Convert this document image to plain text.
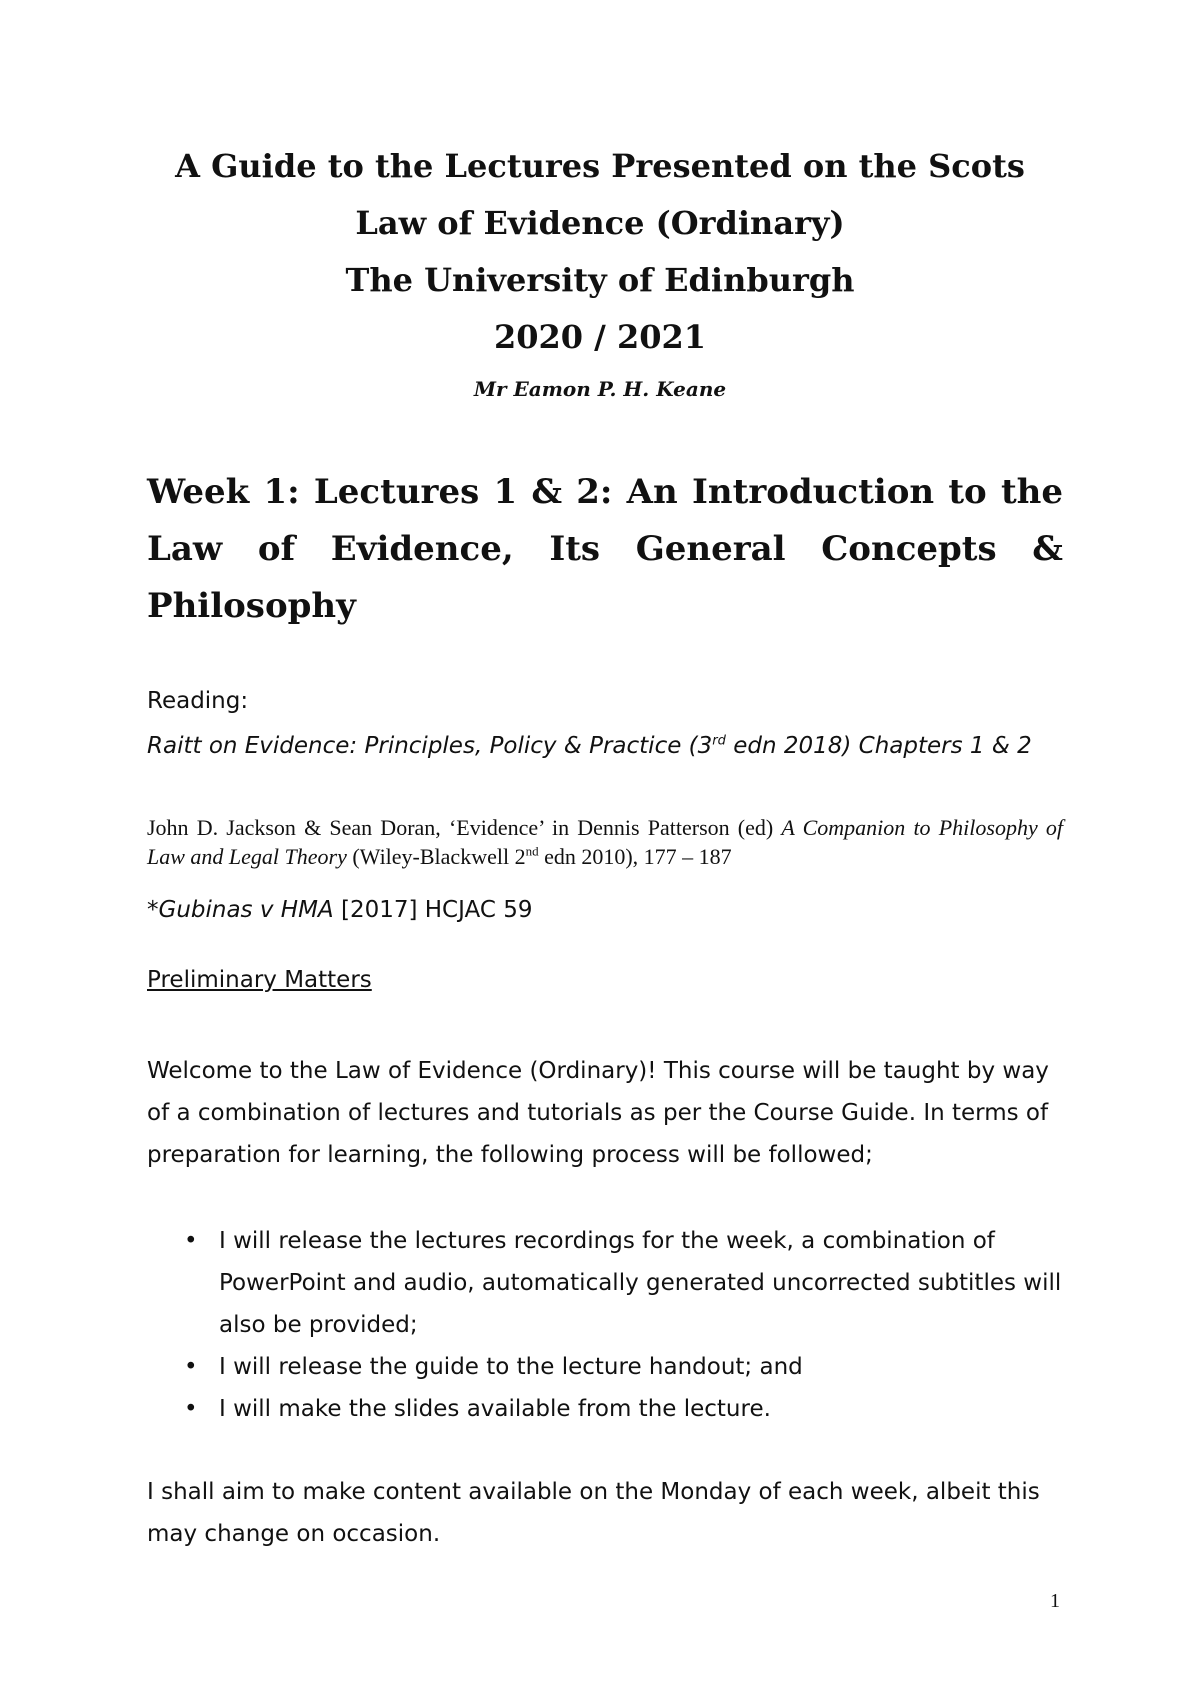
A Guide to the Lectures Presented on the Scots
Law of Evidence (Ordinary)
The University of Edinburgh
2020 / 2021
Mr Eamon P. H. Keane
Week 1: Lectures 1 & 2: An Introduction to the Law of Evidence, Its General Concepts & Philosophy
Reading:
Raitt on Evidence: Principles, Policy & Practice (3rd edn 2018) Chapters 1 & 2
John D. Jackson & Sean Doran, ‘Evidence’ in Dennis Patterson (ed) A Companion to Philosophy of Law and Legal Theory (Wiley-Blackwell 2nd edn 2010), 177 – 187
*Gubinas v HMA [2017] HCJAC 59
Preliminary Matters
Welcome to the Law of Evidence (Ordinary)! This course will be taught by way of a combination of lectures and tutorials as per the Course Guide. In terms of preparation for learning, the following process will be followed;
• I will release the lectures recordings for the week, a combination of PowerPoint and audio, automatically generated uncorrected subtitles will also be provided;
• I will release the guide to the lecture handout; and
• I will make the slides available from the lecture.
I shall aim to make content available on the Monday of each week, albeit this may change on occasion.
1
